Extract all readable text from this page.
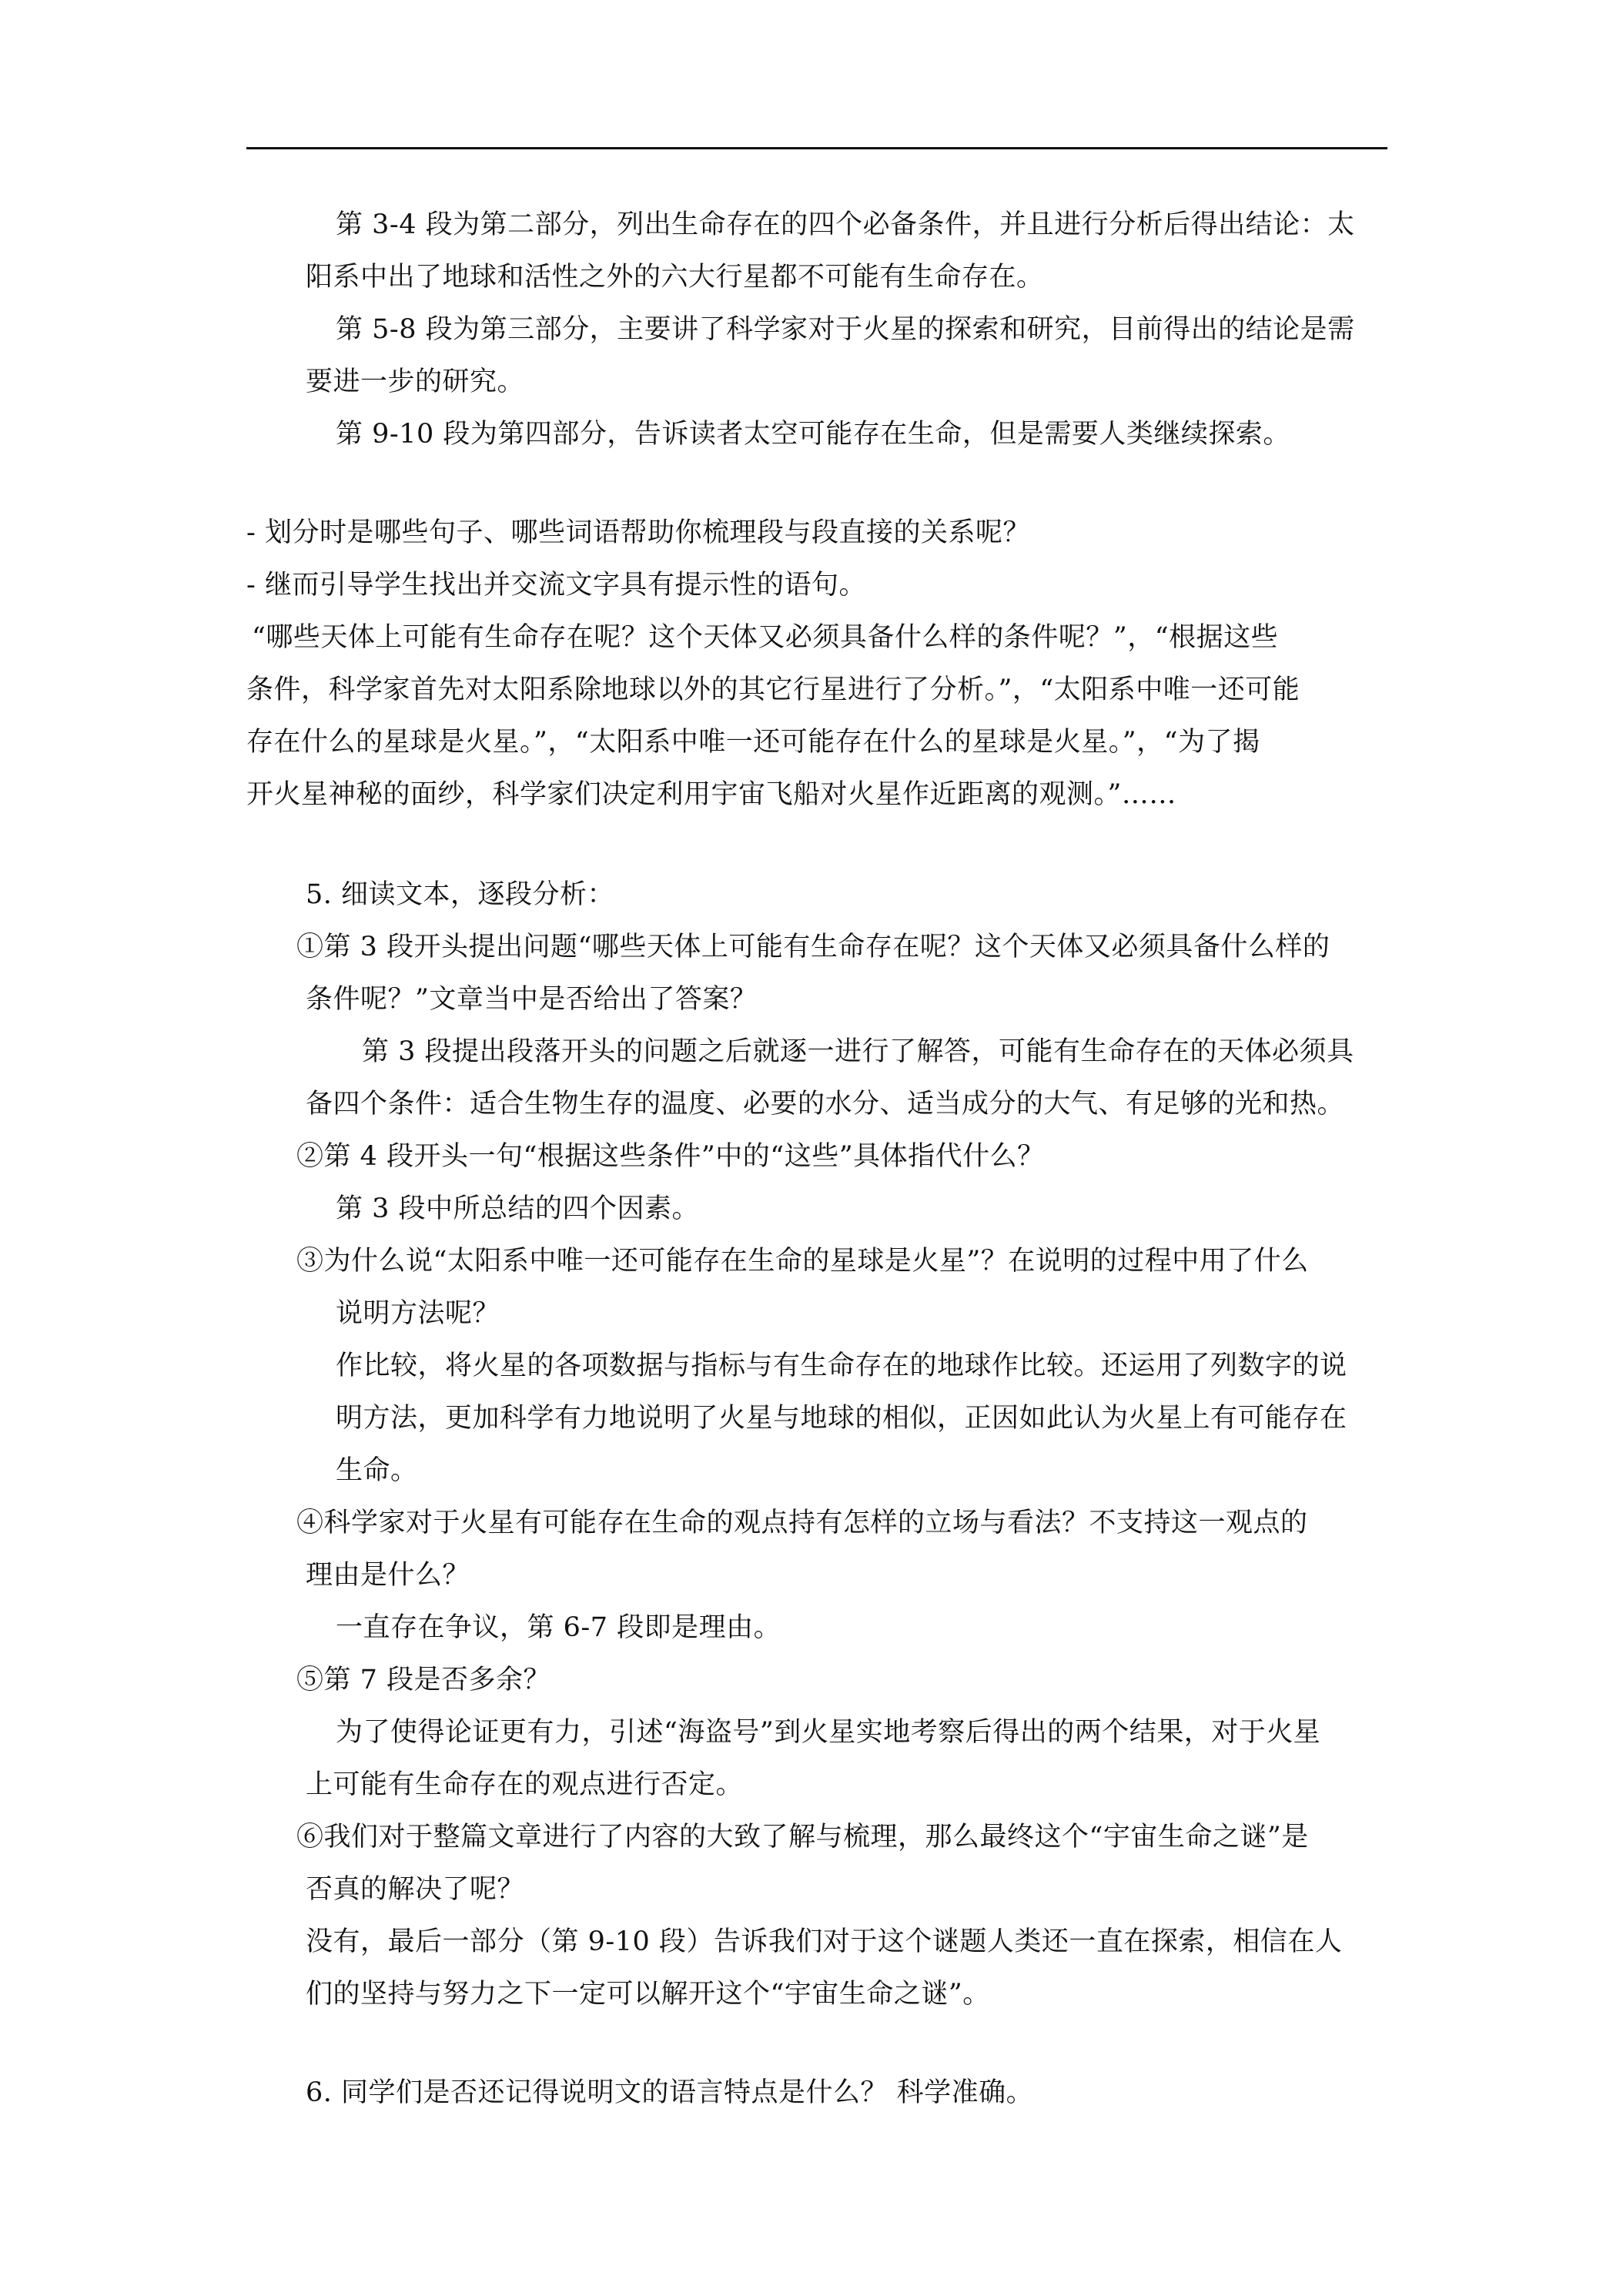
第 3-4 段为第二部分，列出生命存在的四个必备条件，并且进行分析后得出结论：太
阳系中出了地球和活性之外的六大行星都不可能有生命存在。
第 5-8 段为第三部分，主要讲了科学家对于火星的探索和研究，目前得出的结论是需
要进一步的研究。
第 9-10 段为第四部分，告诉读者太空可能存在生命，但是需要人类继续探索。
- 划分时是哪些句子、哪些词语帮助你梳理段与段直接的关系呢？
- 继而引导学生找出并交流文字具有提示性的语句。
“哪些天体上可能有生命存在呢？这个天体又必须具备什么样的条件呢？”，“根据这些
条件，科学家首先对太阳系除地球以外的其它行星进行了分析。”，“太阳系中唯一还可能
存在什么的星球是火星。”，“太阳系中唯一还可能存在什么的星球是火星。”，“为了揭
开火星神秘的面纱，科学家们决定利用宇宙飞船对火星作近距离的观测。”……
5. 细读文本，逐段分析：
①第 3 段开头提出问题“哪些天体上可能有生命存在呢？这个天体又必须具备什么样的
条件呢？”文章当中是否给出了答案？
第 3 段提出段落开头的问题之后就逐一进行了解答，可能有生命存在的天体必须具
备四个条件：适合生物生存的温度、必要的水分、适当成分的大气、有足够的光和热。
②第 4 段开头一句“根据这些条件”中的“这些”具体指代什么？
第 3 段中所总结的四个因素。
③为什么说“太阳系中唯一还可能存在生命的星球是火星”？在说明的过程中用了什么
说明方法呢？
作比较，将火星的各项数据与指标与有生命存在的地球作比较。还运用了列数字的说
明方法，更加科学有力地说明了火星与地球的相似，正因如此认为火星上有可能存在
生命。
④科学家对于火星有可能存在生命的观点持有怎样的立场与看法？不支持这一观点的
理由是什么？
一直存在争议，第 6-7 段即是理由。
⑤第 7 段是否多余？
为了使得论证更有力，引述“海盗号”到火星实地考察后得出的两个结果，对于火星
上可能有生命存在的观点进行否定。
⑥我们对于整篇文章进行了内容的大致了解与梳理，那么最终这个“宇宙生命之谜”是
否真的解决了呢？
没有，最后一部分（第 9-10 段）告诉我们对于这个谜题人类还一直在探索，相信在人
们的坚持与努力之下一定可以解开这个“宇宙生命之谜”。
6. 同学们是否还记得说明文的语言特点是什么？ 科学准确。
